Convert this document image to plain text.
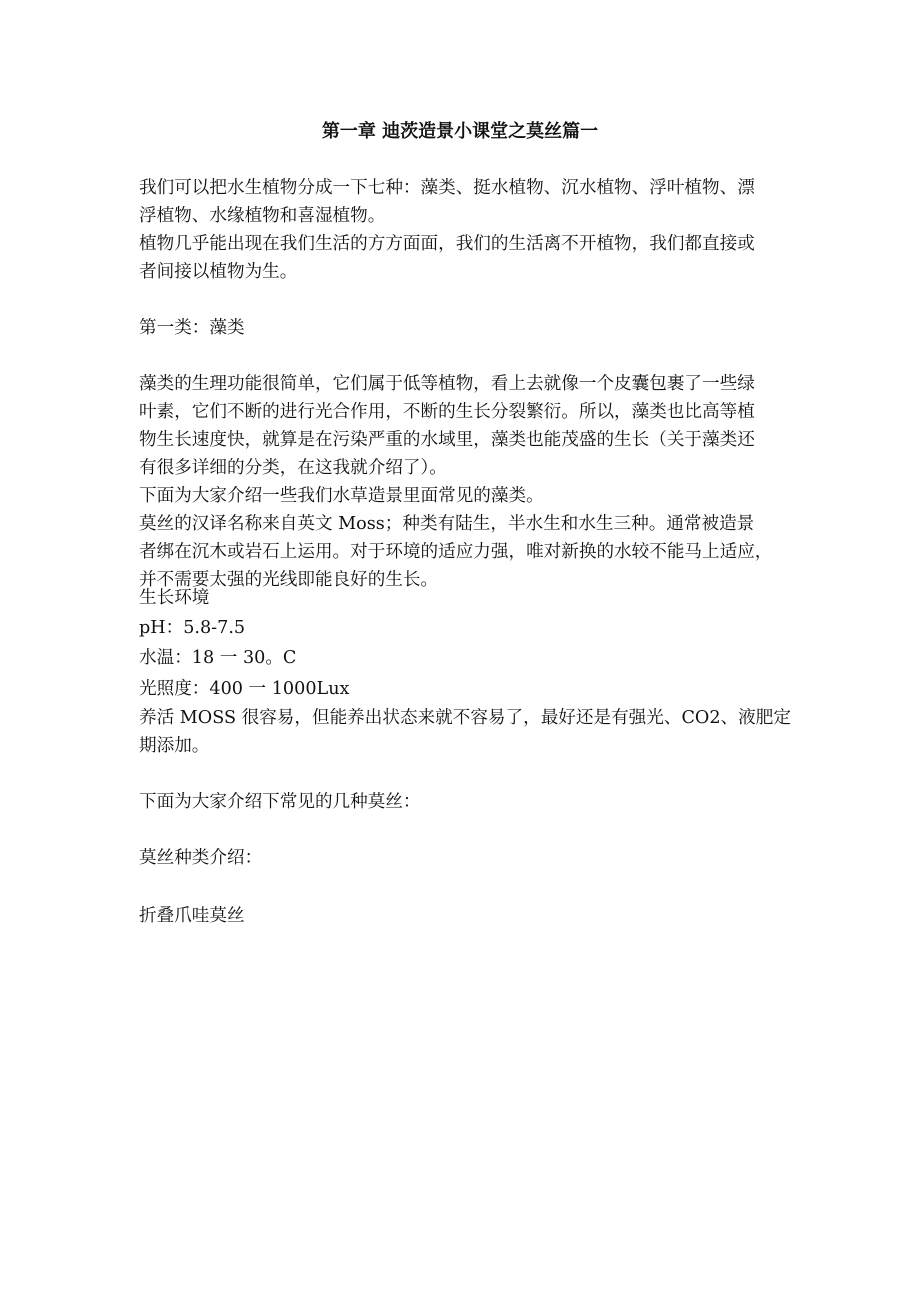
第一章 迪茨造景小课堂之莫丝篇一
我们可以把水生植物分成一下七种：藻类、挺水植物、沉水植物、浮叶植物、漂
浮植物、水缘植物和喜湿植物。
植物几乎能出现在我们生活的方方面面，我们的生活离不开植物，我们都直接或
者间接以植物为生。
第一类：藻类
藻类的生理功能很简单，它们属于低等植物，看上去就像一个皮囊包裹了一些绿
叶素，它们不断的进行光合作用，不断的生长分裂繁衍。所以，藻类也比高等植
物生长速度快，就算是在污染严重的水域里，藻类也能茂盛的生长（关于藻类还
有很多详细的分类，在这我就介绍了）。
下面为大家介绍一些我们水草造景里面常见的藻类。
莫丝的汉译名称来自英文 Moss；种类有陆生，半水生和水生三种。通常被造景
者绑在沉木或岩石上运用。对于环境的适应力强，唯对新换的水较不能马上适应，
并不需要太强的光线即能良好的生长。
生长环境
pH：5.8-7.5
水温：18 一 30。C
光照度：400 一 1000Lux
养活 MOSS 很容易，但能养出状态来就不容易了，最好还是有强光、CO2、液肥定
期添加。
下面为大家介绍下常见的几种莫丝：
莫丝种类介绍：
折叠爪哇莫丝
